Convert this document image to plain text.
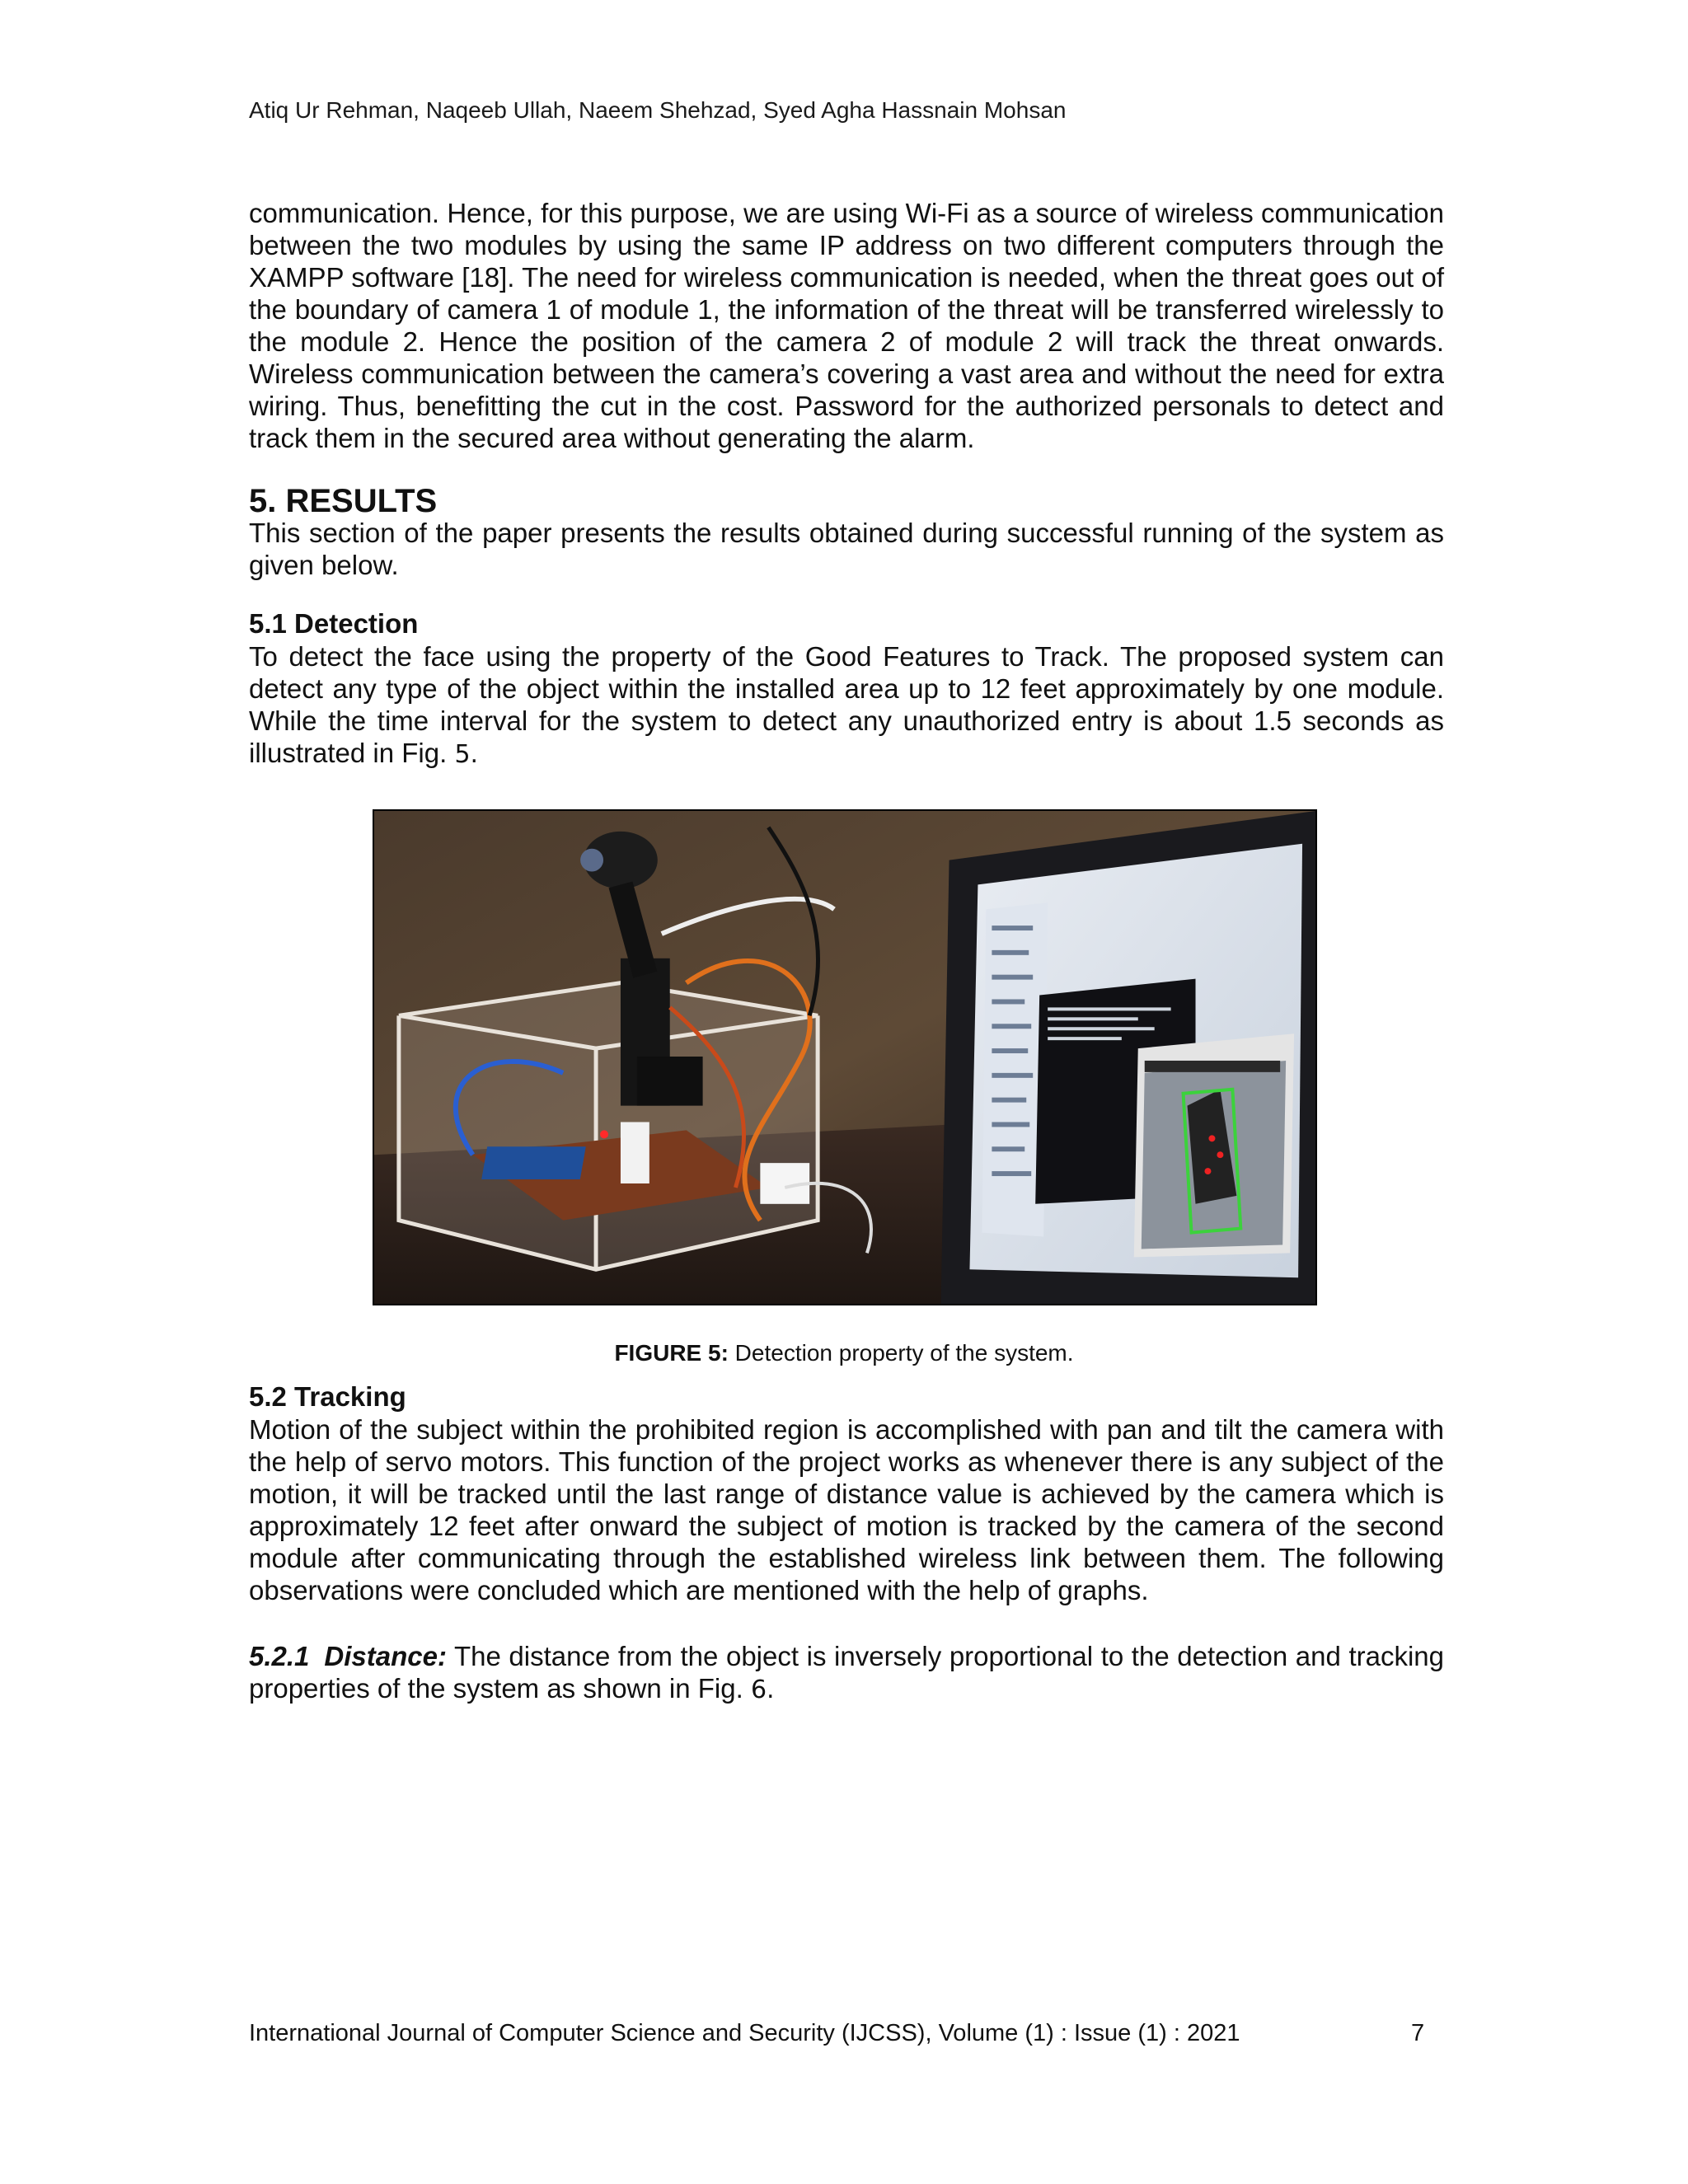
Atiq Ur Rehman, Naqeeb Ullah, Naeem Shehzad, Syed Agha Hassnain Mohsan
communication. Hence, for this purpose, we are using Wi-Fi as a source of wireless communication between the two modules by using the same IP address on two different computers through the XAMPP software [18]. The need for wireless communication is needed, when the threat goes out of the boundary of camera 1 of module 1, the information of the threat will be transferred wirelessly to the module 2. Hence the position of the camera 2 of module 2 will track the threat onwards. Wireless communication between the camera’s covering a vast area and without the need for extra wiring. Thus, benefitting the cut in the cost. Password for the authorized personals to detect and track them in the secured area without generating the alarm.
5. RESULTS
This section of the paper presents the results obtained during successful running of the system as given below.
5.1 Detection
To detect the face using the property of the Good Features to Track. The proposed system can detect any type of the object within the installed area up to 12 feet approximately by one module. While the time interval for the system to detect any unauthorized entry is about 1.5 seconds as illustrated in Fig. 5.
FIGURE 5: Detection property of the system.
5.2 Tracking
Motion of the subject within the prohibited region is accomplished with pan and tilt the camera with the help of servo motors. This function of the project works as whenever there is any subject of the motion, it will be tracked until the last range of distance value is achieved by the camera which is approximately 12 feet after onward the subject of motion is tracked by the camera of the second module after communicating through the established wireless link between them. The following observations were concluded which are mentioned with the help of graphs.
5.2.1 Distance: The distance from the object is inversely proportional to the detection and tracking properties of the system as shown in Fig. 6.
International Journal of Computer Science and Security (IJCSS), Volume (1) : Issue (1) : 2021	7
